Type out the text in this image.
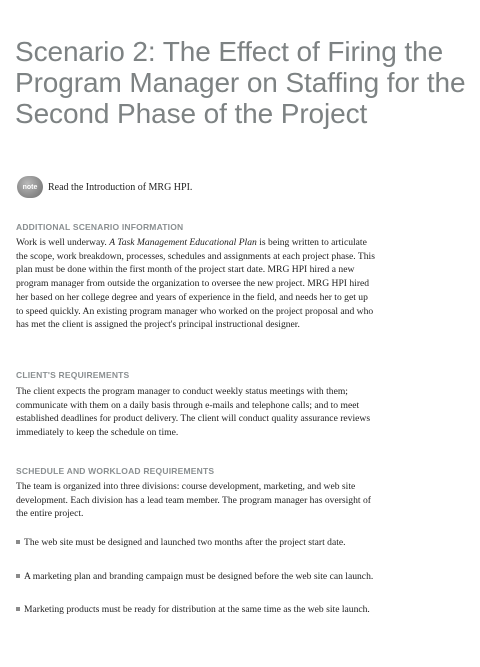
Scenario 2: The Effect of Firing the Program Manager on Staffing for the Second Phase of the Project
note	Read the Introduction of MRG HPI.
ADDITIONAL SCENARIO INFORMATION

Work is well underway. A Task Management Educational Plan is being written to articulate the scope, work breakdown, processes, schedules and assignments at each project phase. This plan must be done within the first month of the project start date. MRG HPI hired a new program manager from outside the organization to oversee the new project. MRG HPI hired her based on her college degree and years of experience in the field, and needs her to get up to speed quickly. An existing program manager who worked on the project proposal and who has met the client is assigned the project's principal instructional designer.

CLIENT'S REQUIREMENTS

The client expects the program manager to conduct weekly status meetings with them; communicate with them on a daily basis through e-mails and telephone calls; and to meet established deadlines for product delivery. The client will conduct quality assurance reviews immediately to keep the schedule on time.

SCHEDULE AND WORKLOAD REQUIREMENTS

The team is organized into three divisions: course development, marketing, and web site development. Each division has a lead team member. The program manager has oversight of the entire project.

The web site must be designed and launched two months after the project start date.

A marketing plan and branding campaign must be designed before the web site can launch.

Marketing products must be ready for distribution at the same time as the web site launch.
